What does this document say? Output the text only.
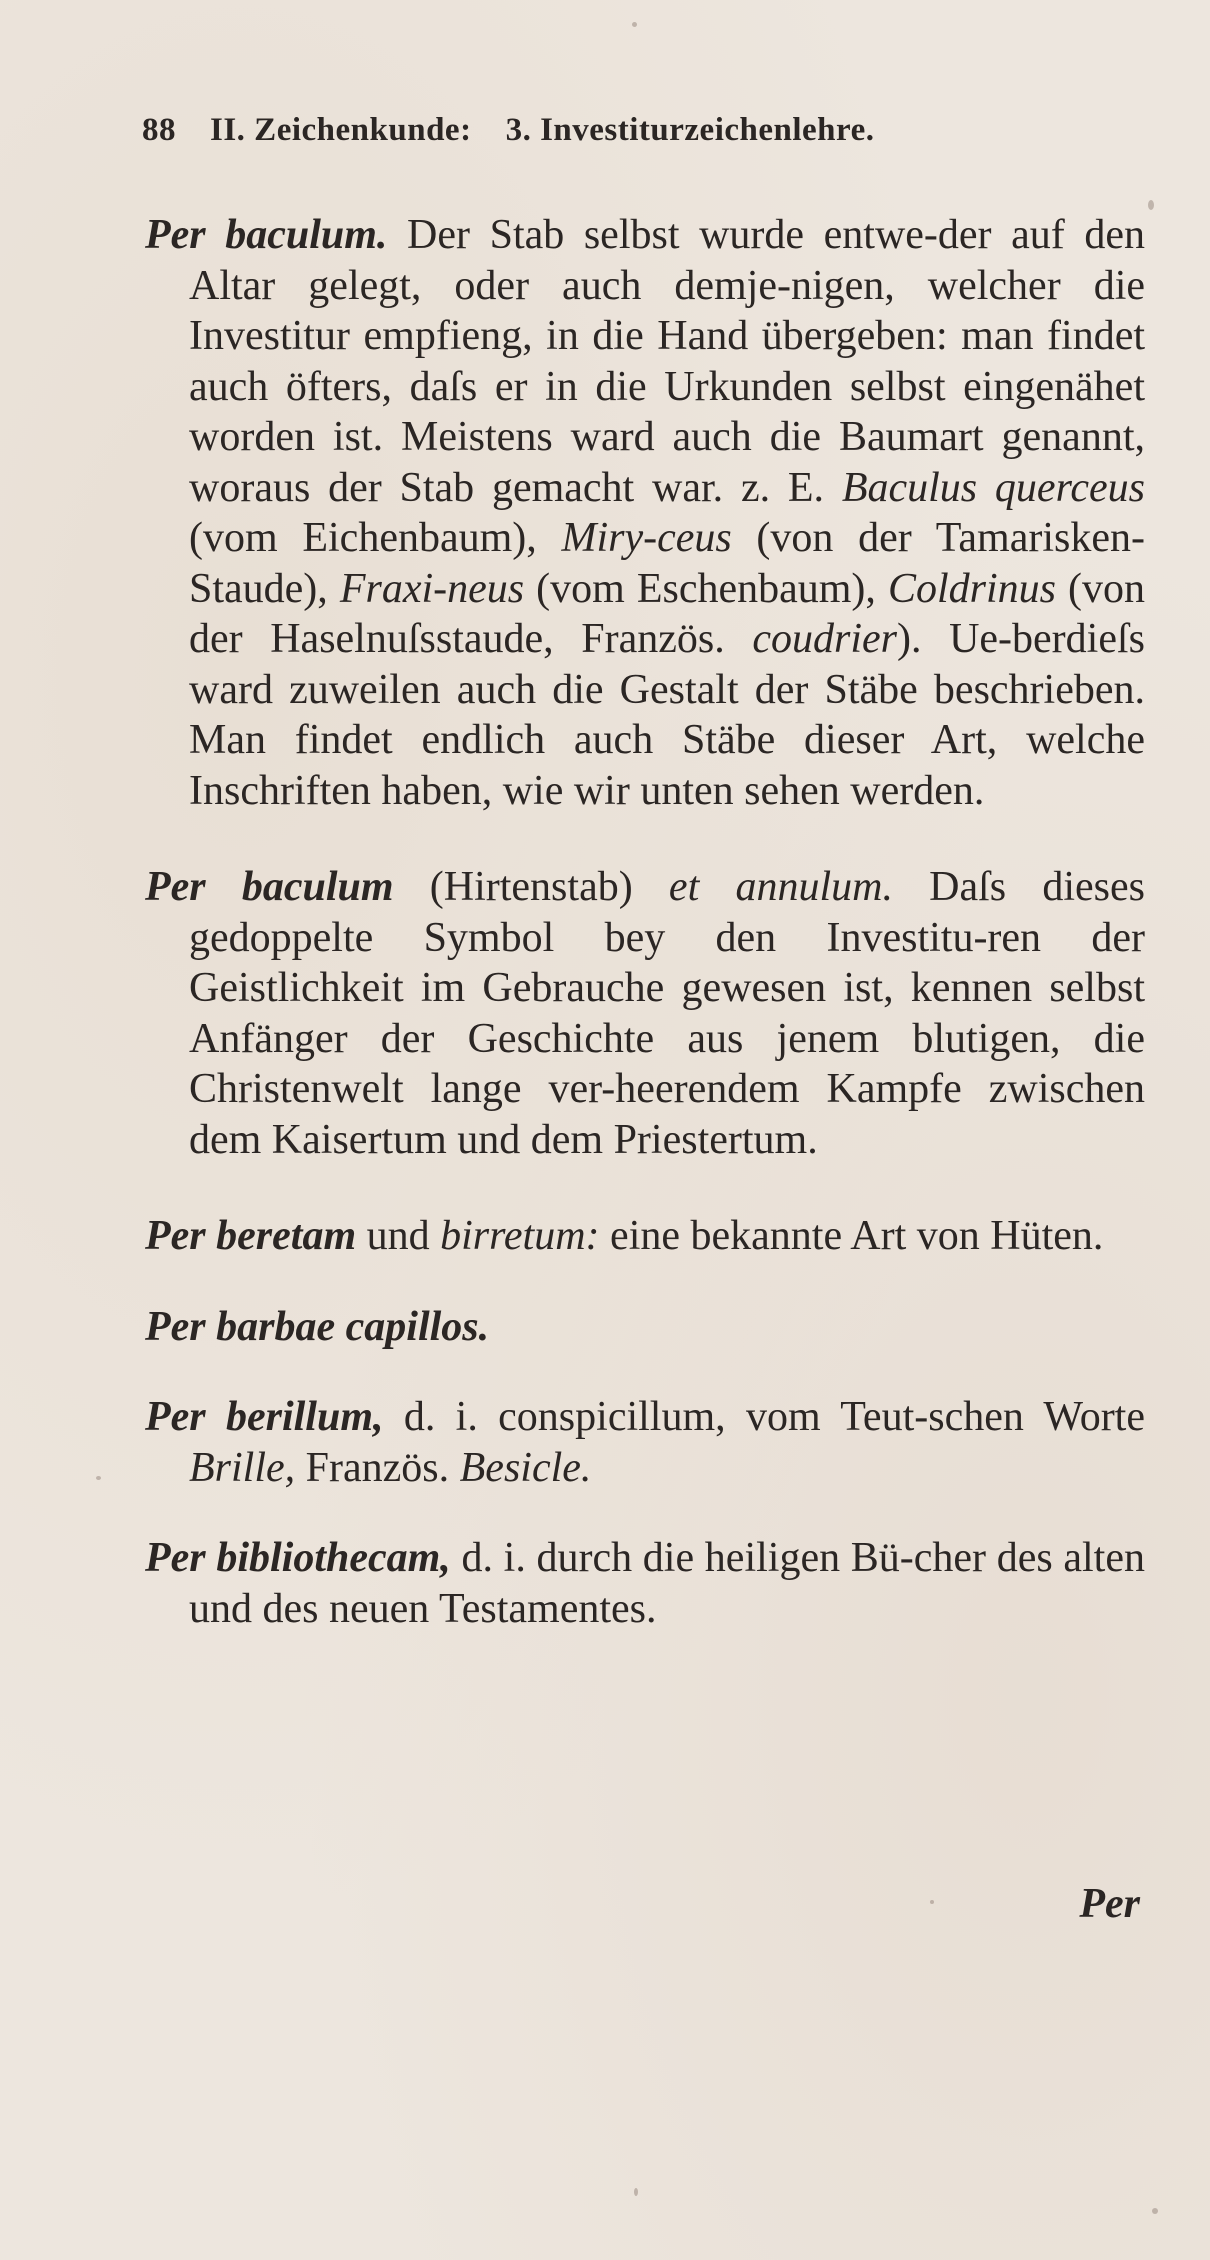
88 II. Zeichenkunde: 3. Investiturzeichenlehre.

Per baculum. Der Stab selbst wurde entwe-der auf den Altar gelegt, oder auch demje-nigen, welcher die Investitur empfieng, in die Hand übergeben: man findet auch öfters, daſs er in die Urkunden selbst eingenähet worden ist. Meistens ward auch die Baumart genannt, woraus der Stab gemacht war. z. E. Baculus querceus (vom Eichenbaum), Miry-ceus (von der Tamarisken-Staude), Fraxi-neus (vom Eschenbaum), Coldrinus (von der Haselnuſsstaude, Französ. coudrier). Ue-berdieſs ward zuweilen auch die Gestalt der Stäbe beschrieben. Man findet endlich auch Stäbe dieser Art, welche Inschriften haben, wie wir unten sehen werden.

Per baculum (Hirtenstab) et annulum. Daſs dieses gedoppelte Symbol bey den Investitu-ren der Geistlichkeit im Gebrauche gewesen ist, kennen selbst Anfänger der Geschichte aus jenem blutigen, die Christenwelt lange ver-heerendem Kampfe zwischen dem Kaisertum und dem Priestertum.

Per beretam und birretum: eine bekannte Art von Hüten.

Per barbae capillos.

Per berillum, d. i. conspicillum, vom Teut-schen Worte Brille, Französ. Besicle.

Per bibliothecam, d. i. durch die heiligen Bü-cher des alten und des neuen Testamentes.

Per
